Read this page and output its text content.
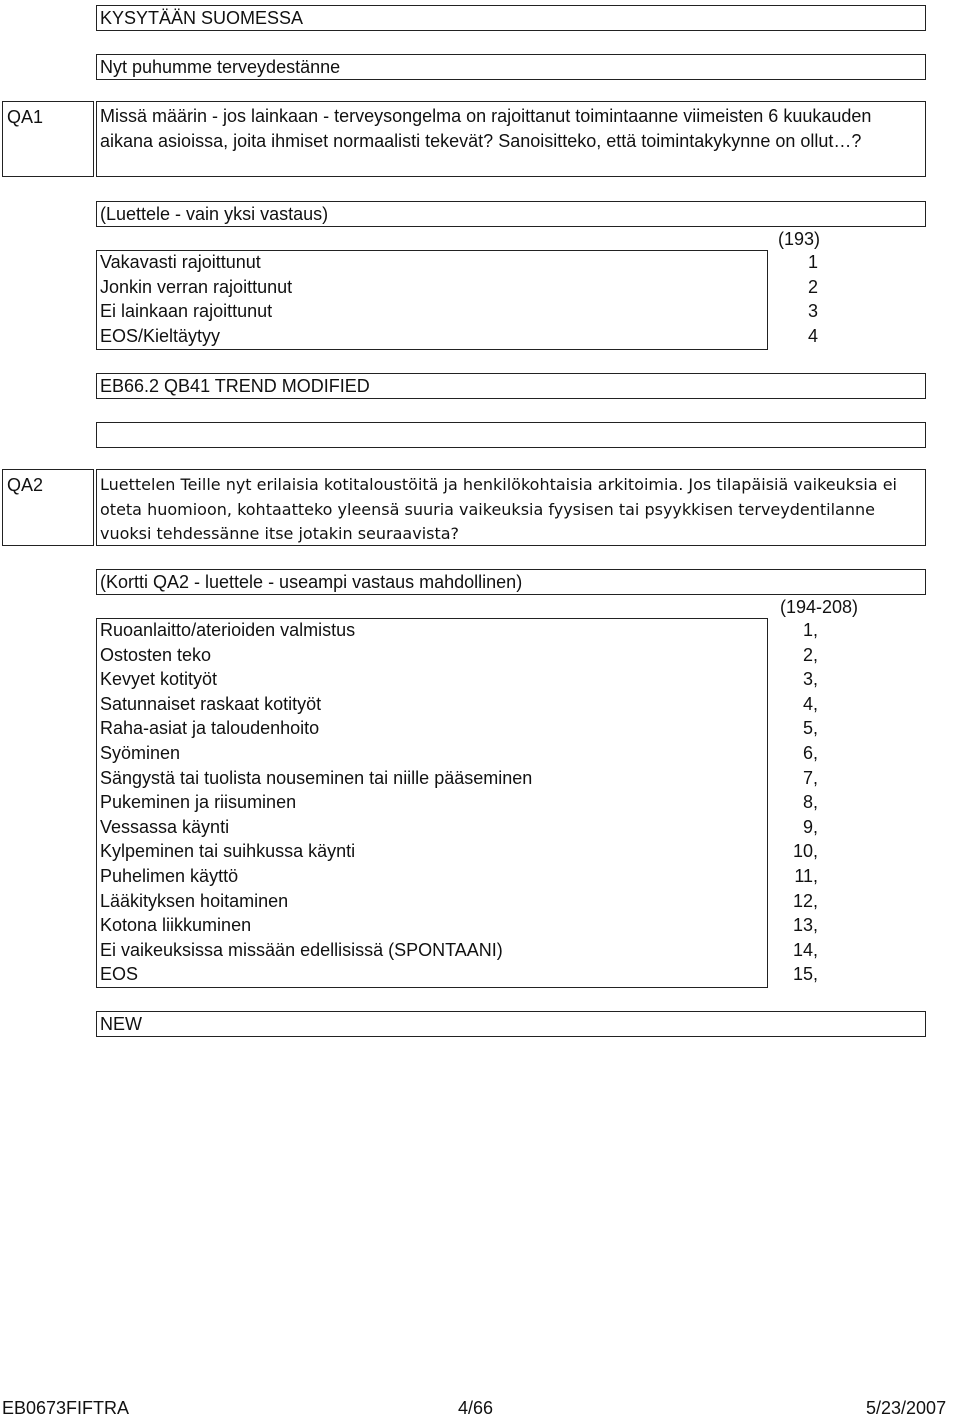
KYSYTÄÄN SUOMESSA
Nyt puhumme terveydestänne
QA1	Missä määrin - jos lainkaan - terveysongelma on rajoittanut toimintaanne viimeisten 6 kuukauden aikana asioissa, joita ihmiset normaalisti tekevät? Sanoisitteko, että toimintakykynne on ollut…?
(Luettele - vain yksi vastaus)
(193)
Vakavasti rajoittunut	1
Jonkin verran rajoittunut	2
Ei lainkaan rajoittunut	3
EOS/Kieltäytyy	4
EB66.2 QB41 TREND MODIFIED
QA2	Luettelen Teille nyt erilaisia kotitaloustöitä ja henkilökohtaisia arkitoimia. Jos tilapäisiä vaikeuksia ei oteta huomioon, kohtaatteko yleensä suuria vaikeuksia fyysisen tai psyykkisen terveydentilanne vuoksi tehdessänne itse jotakin seuraavista?
(Kortti QA2 - luettele - useampi vastaus mahdollinen)
(194-208)
Ruoanlaitto/aterioiden valmistus	1,
Ostosten teko	2,
Kevyet kotityöt	3,
Satunnaiset raskaat kotityöt	4,
Raha-asiat ja taloudenhoito	5,
Syöminen	6,
Sängystä tai tuolista nouseminen tai niille pääseminen	7,
Pukeminen ja riisuminen	8,
Vessassa käynti	9,
Kylpeminen tai suihkussa käynti	10,
Puhelimen käyttö	11,
Lääkityksen hoitaminen	12,
Kotona liikkuminen	13,
Ei vaikeuksissa missään edellisissä (SPONTAANI)	14,
EOS	15,
NEW
EB0673FIFTRA	4/66	5/23/2007
